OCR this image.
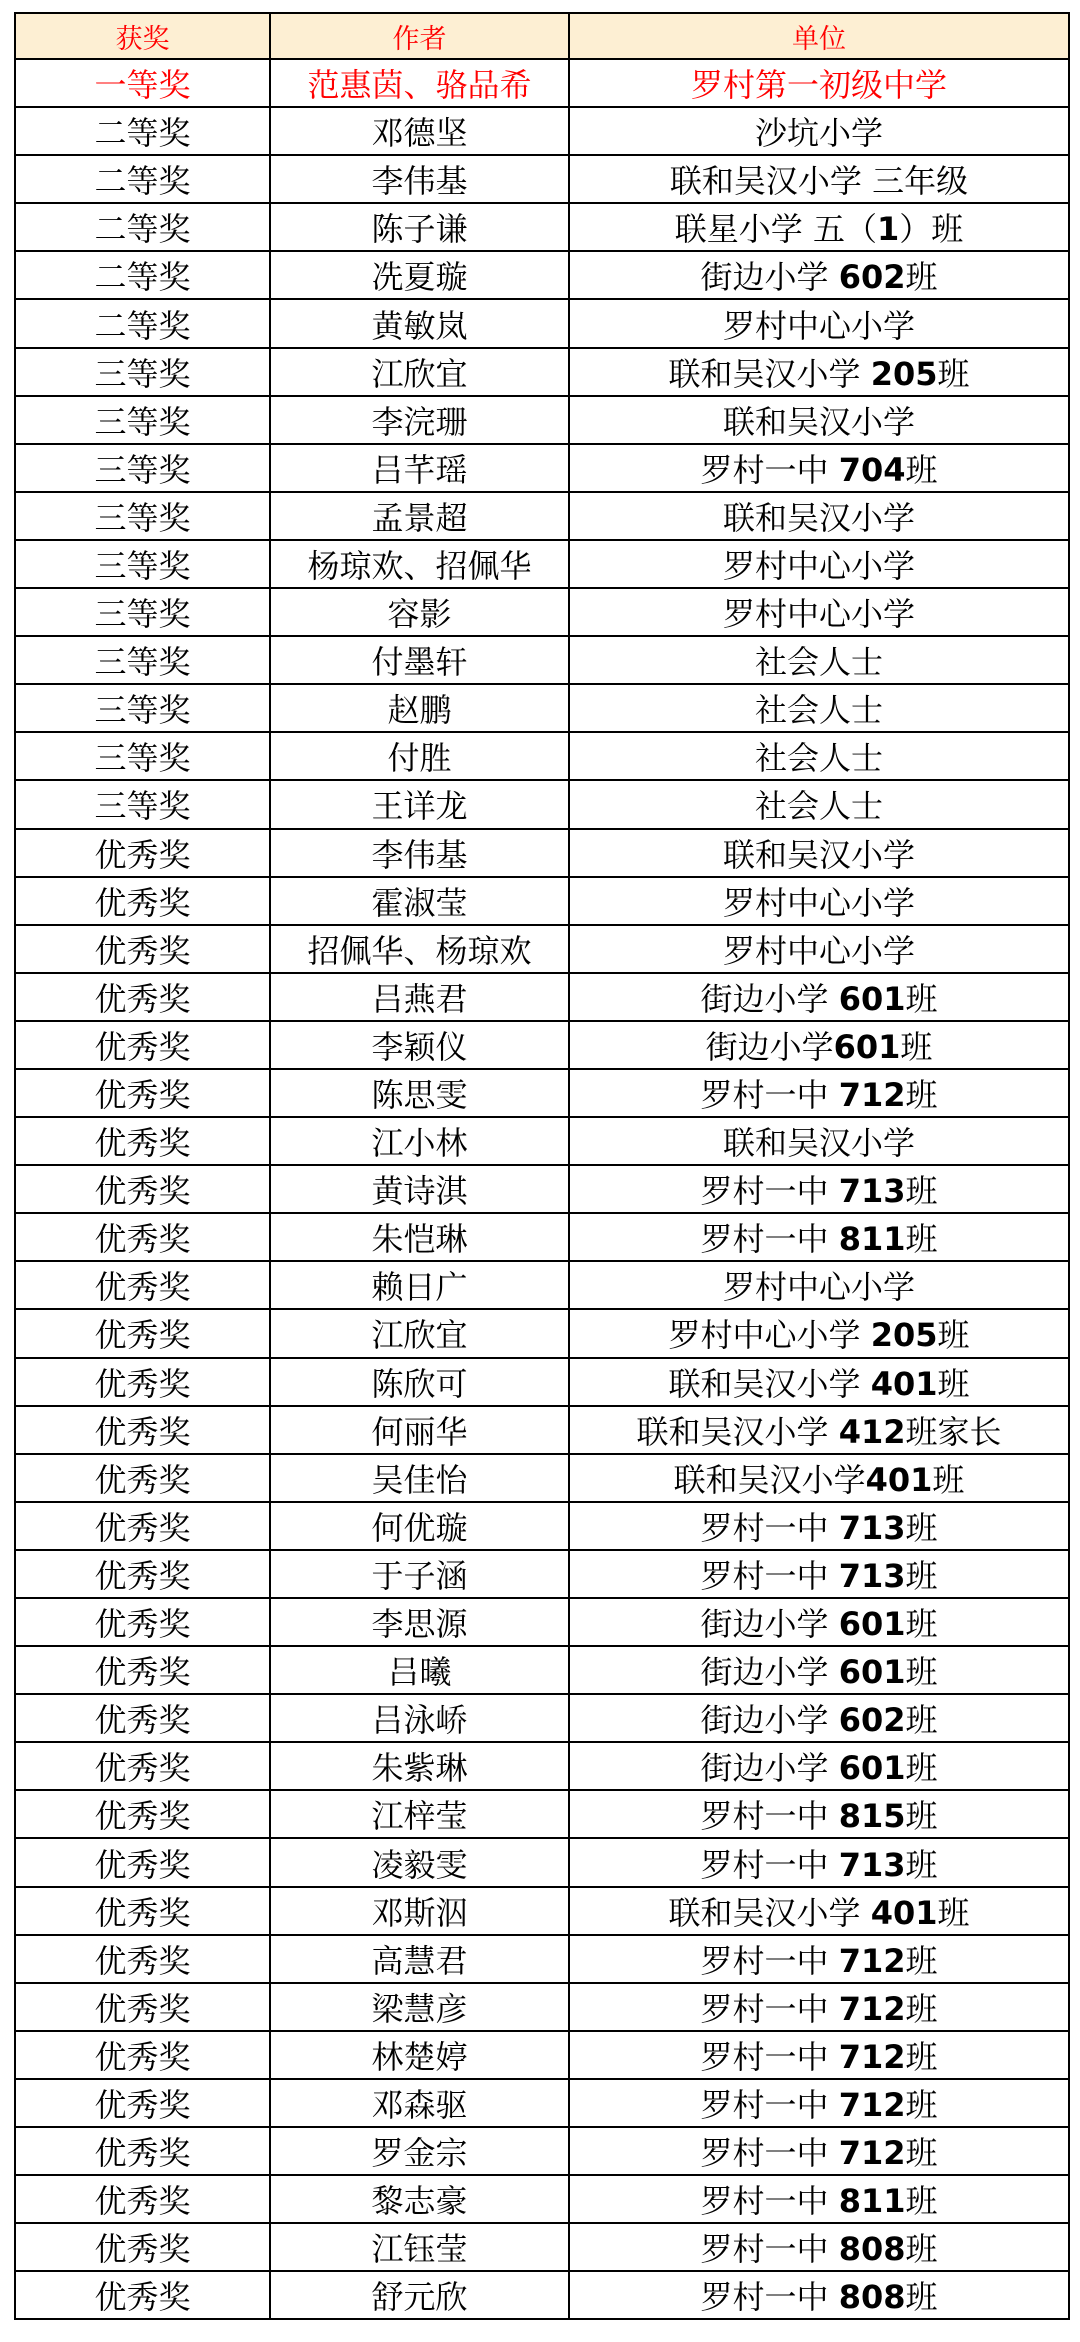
获奖	作者	单位
一等奖	范惠茵、骆品希	罗村第一初级中学
二等奖	邓德坚	沙坑小学
二等奖	李伟基	联和吴汉小学 三年级
二等奖	陈子谦	联星小学 五（1）班
二等奖	冼夏璇	街边小学 602班
二等奖	黄敏岚	罗村中心小学
三等奖	江欣宜	联和吴汉小学 205班
三等奖	李浣珊	联和吴汉小学
三等奖	吕芊瑶	罗村一中 704班
三等奖	孟景超	联和吴汉小学
三等奖	杨琼欢、招佩华	罗村中心小学
三等奖	容影	罗村中心小学
三等奖	付墨轩	社会人士
三等奖	赵鹏	社会人士
三等奖	付胜	社会人士
三等奖	王详龙	社会人士
优秀奖	李伟基	联和吴汉小学
优秀奖	霍淑莹	罗村中心小学
优秀奖	招佩华、杨琼欢	罗村中心小学
优秀奖	吕燕君	街边小学 601班
优秀奖	李颖仪	街边小学601班
优秀奖	陈思雯	罗村一中 712班
优秀奖	江小林	联和吴汉小学
优秀奖	黄诗淇	罗村一中 713班
优秀奖	朱恺琳	罗村一中 811班
优秀奖	赖日广	罗村中心小学
优秀奖	江欣宜	罗村中心小学 205班
优秀奖	陈欣可	联和吴汉小学 401班
优秀奖	何丽华	联和吴汉小学 412班家长
优秀奖	吴佳怡	联和吴汉小学401班
优秀奖	何优璇	罗村一中 713班
优秀奖	于子涵	罗村一中 713班
优秀奖	李思源	街边小学 601班
优秀奖	吕曦	街边小学 601班
优秀奖	吕泳峤	街边小学 602班
优秀奖	朱紫琳	街边小学 601班
优秀奖	江梓莹	罗村一中 815班
优秀奖	凌毅雯	罗村一中 713班
优秀奖	邓斯泅	联和吴汉小学 401班
优秀奖	高慧君	罗村一中 712班
优秀奖	梁慧彦	罗村一中 712班
优秀奖	林楚婷	罗村一中 712班
优秀奖	邓森驱	罗村一中 712班
优秀奖	罗金宗	罗村一中 712班
优秀奖	黎志豪	罗村一中 811班
优秀奖	江钰莹	罗村一中 808班
优秀奖	舒元欣	罗村一中 808班
